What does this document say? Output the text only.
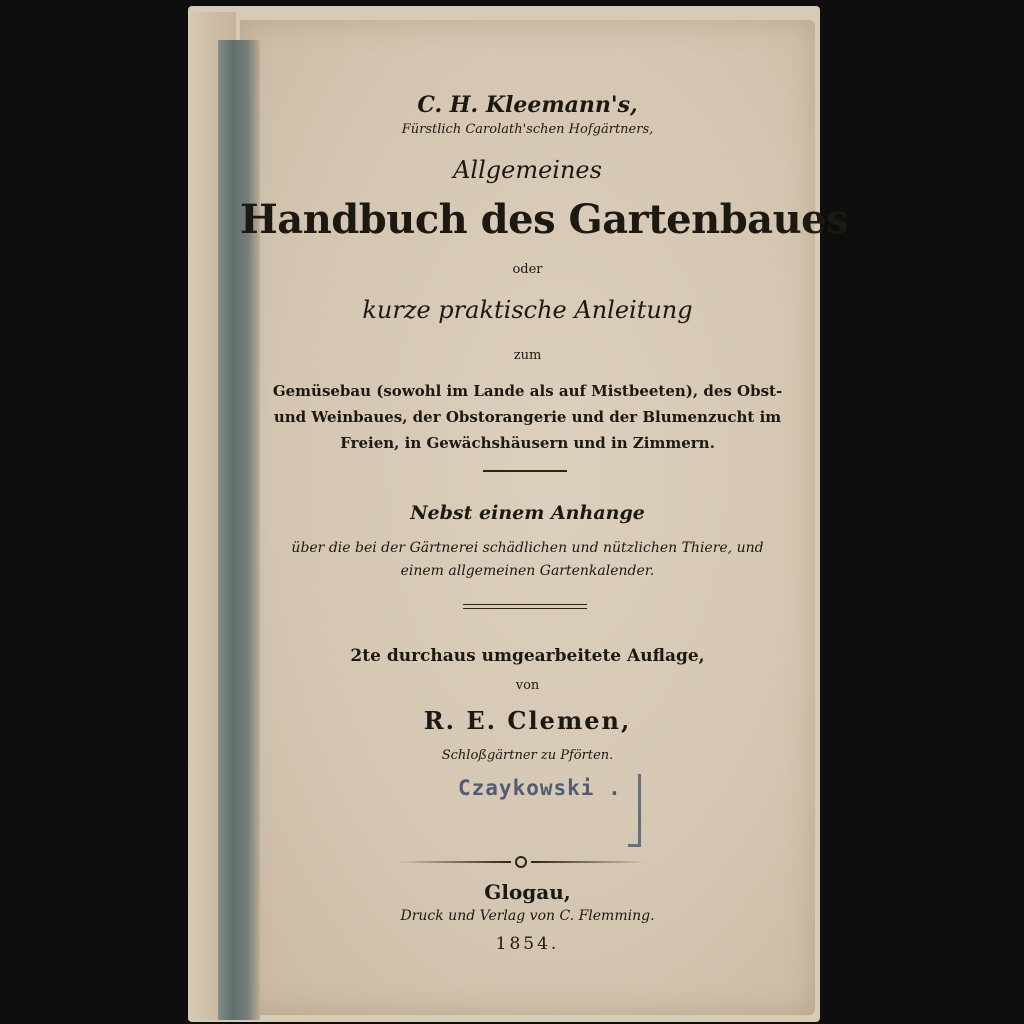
C. H. Kleemann's,
Fürstlich Carolath'schen Hofgärtners,
Allgemeines
Handbuch des Gartenbaues
oder
kurze praktische Anleitung
zum
Gemüsebau (sowohl im Lande als auf Mistbeeten), des Obst-
und Weinbaues, der Obstorangerie und der Blumenzucht im
Freien, in Gewächshäusern und in Zimmern.
Nebst einem Anhange
über die bei der Gärtnerei schädlichen und nützlichen Thiere, und
einem allgemeinen Gartenkalender.
2te durchaus umgearbeitete Auflage,
von
R. E. Clemen,
Schloßgärtner zu Pförten.
Czaykowski .
Glogau,
Druck und Verlag von C. Flemming.
1854.
